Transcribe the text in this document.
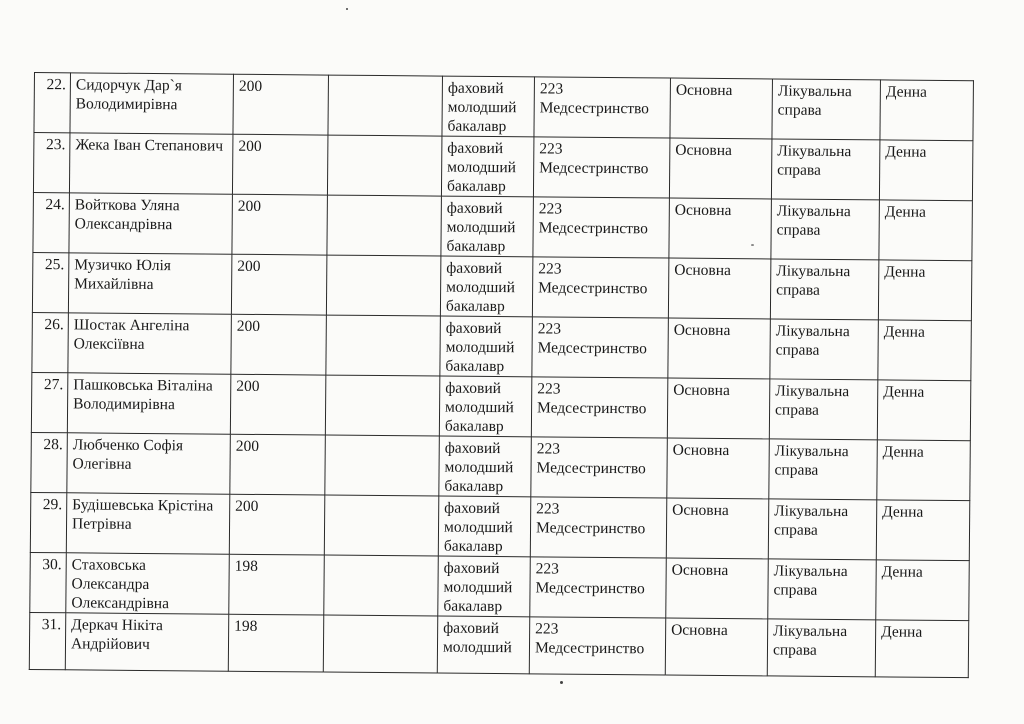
22.	Сидорчук Дар`я Володимирівна	200		фаховий молодший бакалавр	223 Медсестринство	Основна	Лікувальна справа	Денна
23.	Жека Іван Степанович	200		фаховий молодший бакалавр	223 Медсестринство	Основна	Лікувальна справа	Денна
24.	Войткова Уляна Олександрівна	200		фаховий молодший бакалавр	223 Медсестринство	Основна	Лікувальна справа	Денна
25.	Музичко Юлія Михайлівна	200		фаховий молодший бакалавр	223 Медсестринство	Основна	Лікувальна справа	Денна
26.	Шостак Ангеліна Олексіївна	200		фаховий молодший бакалавр	223 Медсестринство	Основна	Лікувальна справа	Денна
27.	Пашковська Віталіна Володимирівна	200		фаховий молодший бакалавр	223 Медсестринство	Основна	Лікувальна справа	Денна
28.	Любченко Софія Олегівна	200		фаховий молодший бакалавр	223 Медсестринство	Основна	Лікувальна справа	Денна
29.	Будішевська Крістіна Петрівна	200		фаховий молодший бакалавр	223 Медсестринство	Основна	Лікувальна справа	Денна
30.	Стаховська Олександра Олександрівна	198		фаховий молодший бакалавр	223 Медсестринство	Основна	Лікувальна справа	Денна
31.	Деркач Нікіта Андрійович	198		фаховий молодший	223 Медсестринство	Основна	Лікувальна справа	Денна
